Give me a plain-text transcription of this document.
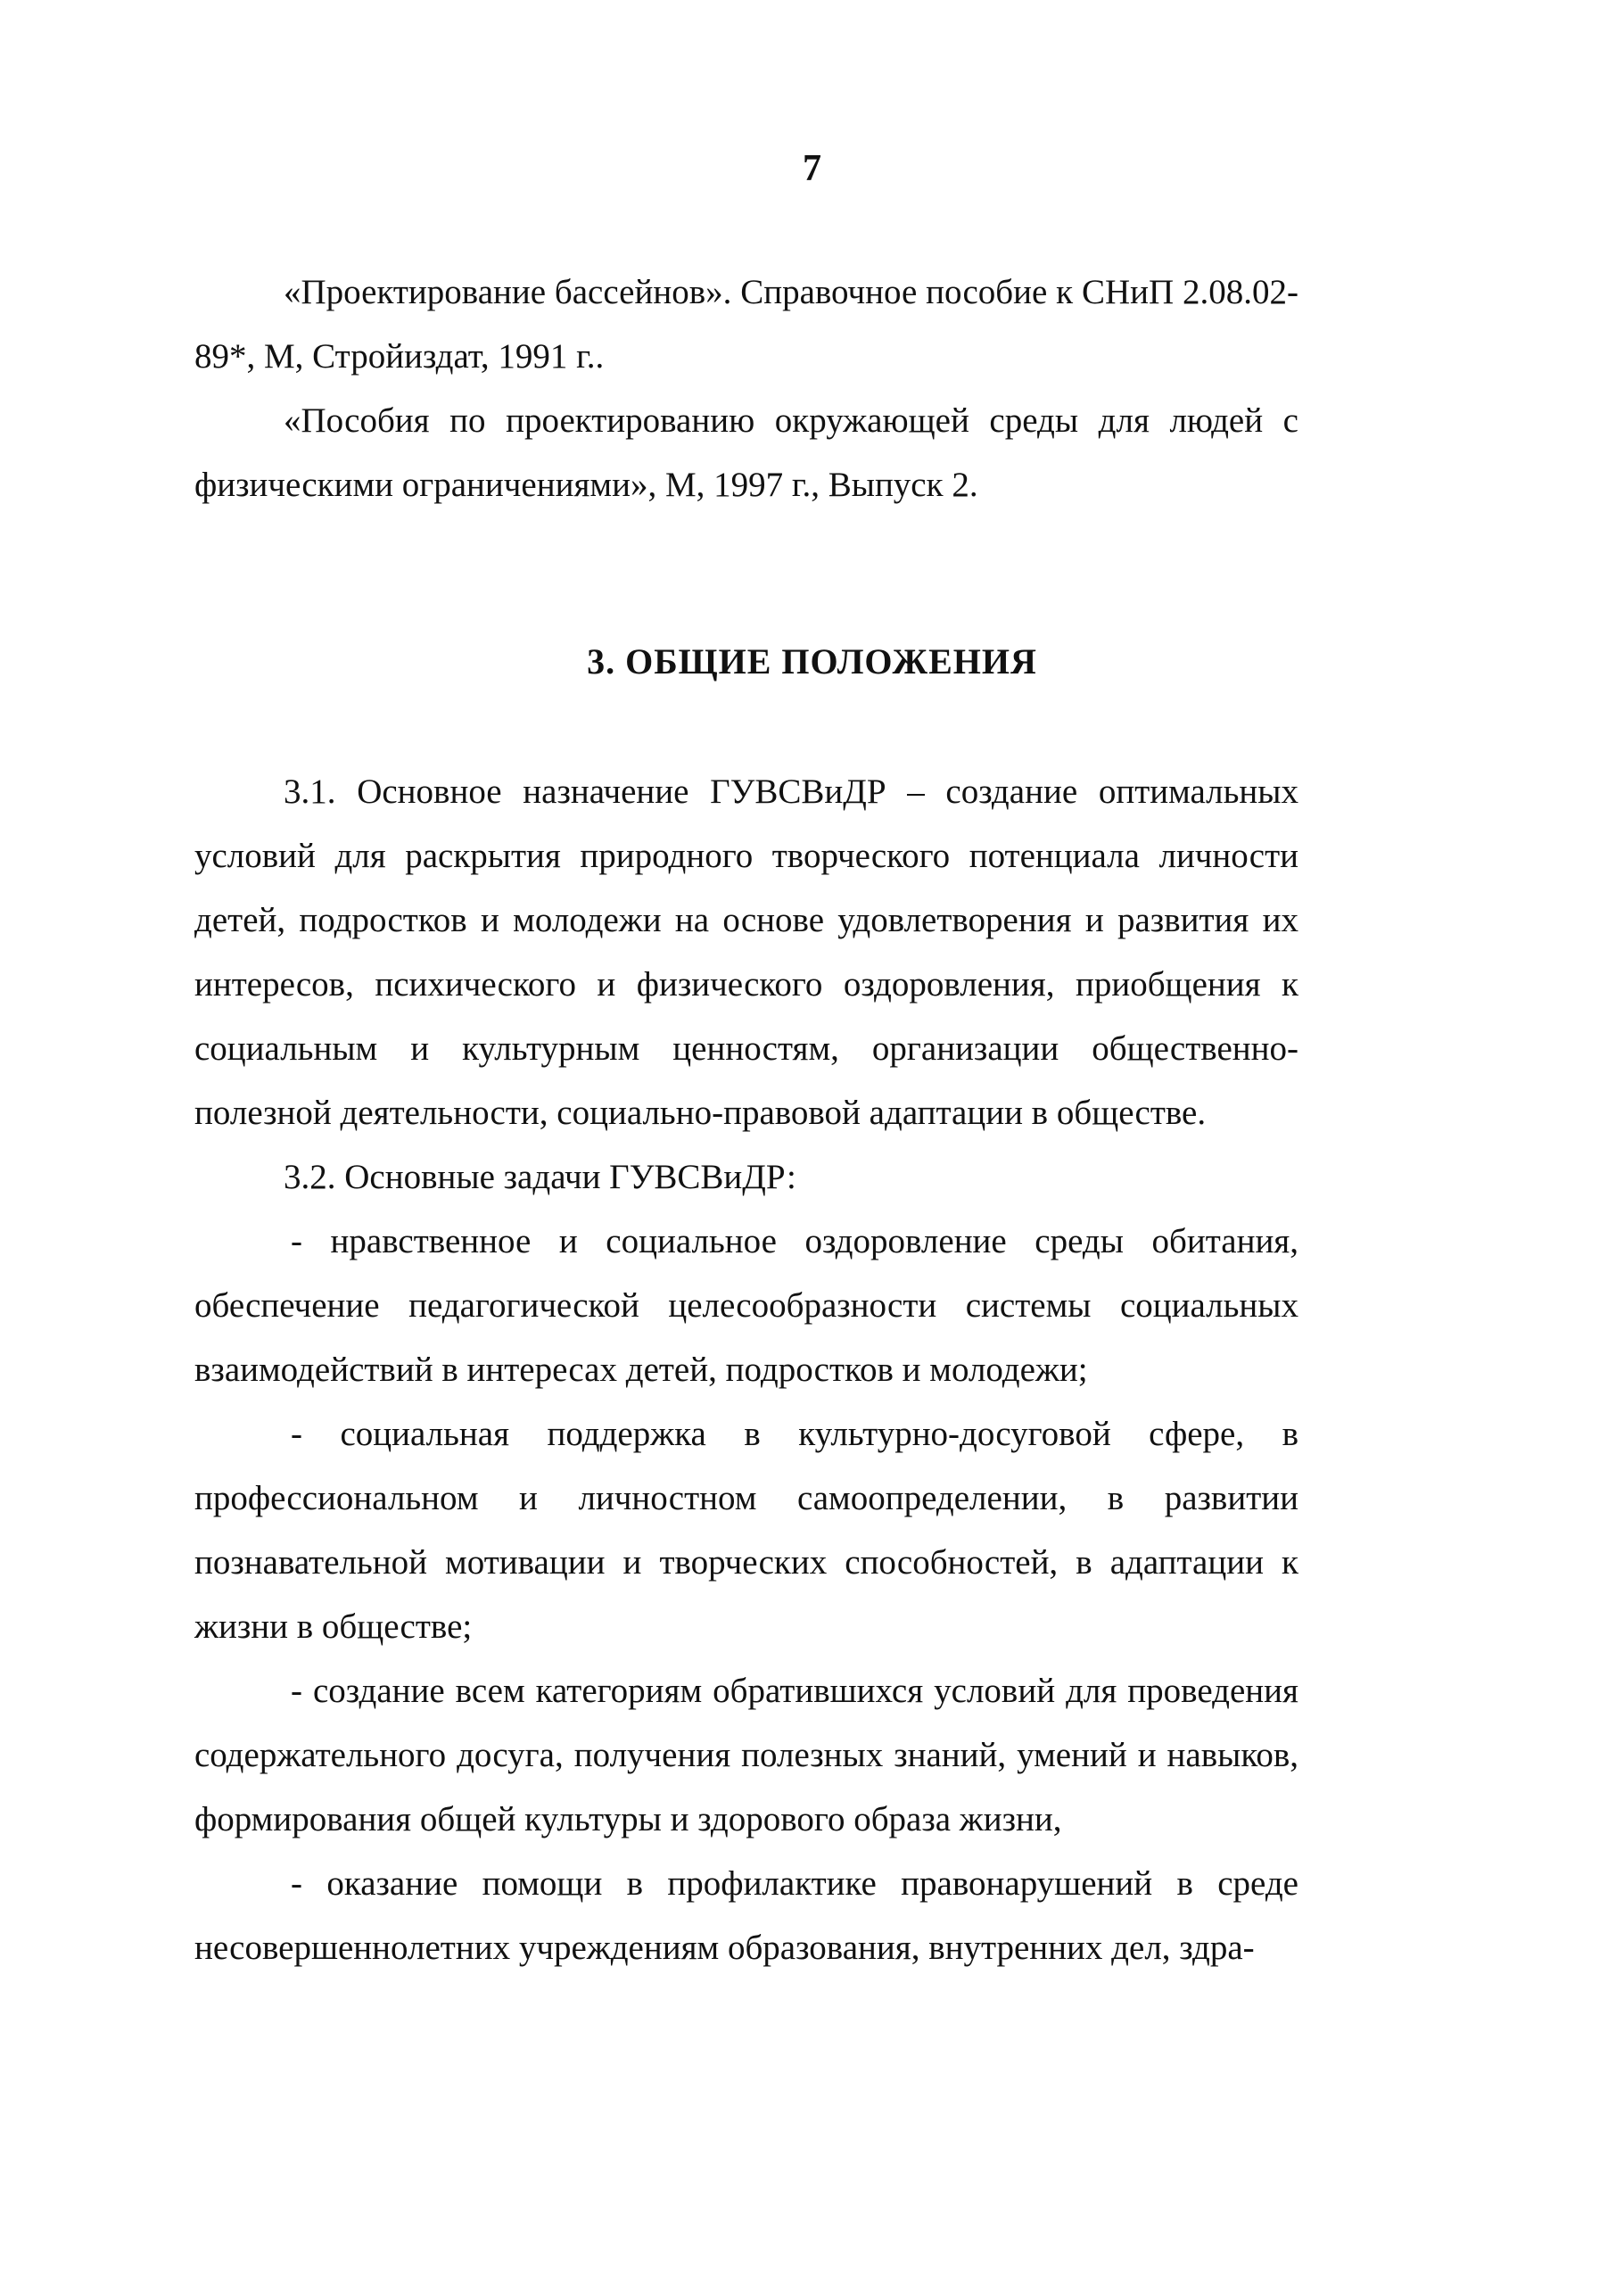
7

«Проектирование бассейнов». Справочное пособие к СНиП 2.08.02-89*, М, Стройиздат, 1991 г..

«Пособия по проектированию окружающей среды для людей с физическими ограничениями», М, 1997 г., Выпуск 2.

3. ОБЩИЕ ПОЛОЖЕНИЯ

3.1. Основное назначение ГУВСВиДР – создание оптимальных условий для раскрытия природного творческого потенциала личности детей, подростков и молодежи на основе удовлетворения и развития их интересов, психического и физического оздоровления, приобщения к социальным и культурным ценностям, организации общественно-полезной деятельности, социально-правовой адаптации в обществе.

3.2. Основные задачи ГУВСВиДР:

- нравственное и социальное оздоровление среды обитания, обеспечение педагогической целесообразности системы социальных взаимодействий в интересах детей, подростков и молодежи;

- социальная поддержка в культурно-досуговой сфере, в профессиональном и личностном самоопределении, в развитии познавательной мотивации и творческих способностей, в адаптации к жизни в обществе;

- создание всем категориям обратившихся условий для проведения содержательного досуга, получения полезных знаний, умений и навыков, формирования общей культуры и здорового образа жизни,

- оказание помощи в профилактике правонарушений в среде несовершеннолетних учреждениям образования, внутренних дел, здра-
